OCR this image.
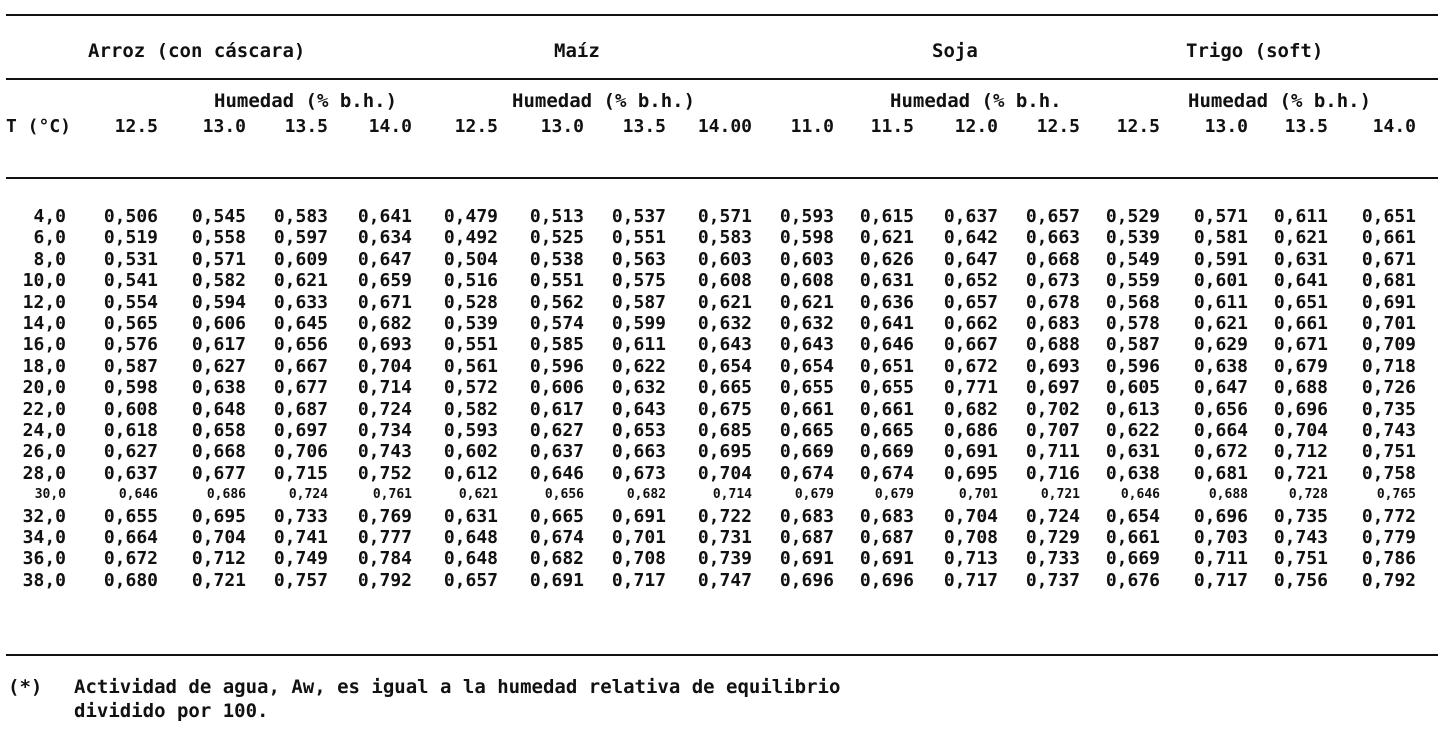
Arroz (con cáscara)	Maíz	Soja	Trigo (soft)
Humedad (% b.h.)	Humedad (% b.h.)	Humedad (% b.h.	Humedad (% b.h.)
T (°C)	12.5	13.0	13.5	14.0	12.5	13.0	13.5	14.00	11.0	11.5	12.0	12.5	12.5	13.0	13.5	14.0
4,0	0,506	0,545	0,583	0,641	0,479	0,513	0,537	0,571	0,593	0,615	0,637	0,657	0,529	0,571	0,611	0,651
6,0	0,519	0,558	0,597	0,634	0,492	0,525	0,551	0,583	0,598	0,621	0,642	0,663	0,539	0,581	0,621	0,661
8,0	0,531	0,571	0,609	0,647	0,504	0,538	0,563	0,603	0,603	0,626	0,647	0,668	0,549	0,591	0,631	0,671
10,0	0,541	0,582	0,621	0,659	0,516	0,551	0,575	0,608	0,608	0,631	0,652	0,673	0,559	0,601	0,641	0,681
12,0	0,554	0,594	0,633	0,671	0,528	0,562	0,587	0,621	0,621	0,636	0,657	0,678	0,568	0,611	0,651	0,691
14,0	0,565	0,606	0,645	0,682	0,539	0,574	0,599	0,632	0,632	0,641	0,662	0,683	0,578	0,621	0,661	0,701
16,0	0,576	0,617	0,656	0,693	0,551	0,585	0,611	0,643	0,643	0,646	0,667	0,688	0,587	0,629	0,671	0,709
18,0	0,587	0,627	0,667	0,704	0,561	0,596	0,622	0,654	0,654	0,651	0,672	0,693	0,596	0,638	0,679	0,718
20,0	0,598	0,638	0,677	0,714	0,572	0,606	0,632	0,665	0,655	0,655	0,771	0,697	0,605	0,647	0,688	0,726
22,0	0,608	0,648	0,687	0,724	0,582	0,617	0,643	0,675	0,661	0,661	0,682	0,702	0,613	0,656	0,696	0,735
24,0	0,618	0,658	0,697	0,734	0,593	0,627	0,653	0,685	0,665	0,665	0,686	0,707	0,622	0,664	0,704	0,743
26,0	0,627	0,668	0,706	0,743	0,602	0,637	0,663	0,695	0,669	0,669	0,691	0,711	0,631	0,672	0,712	0,751
28,0	0,637	0,677	0,715	0,752	0,612	0,646	0,673	0,704	0,674	0,674	0,695	0,716	0,638	0,681	0,721	0,758
30,0	0,646	0,686	0,724	0,761	0,621	0,656	0,682	0,714	0,679	0,679	0,701	0,721	0,646	0,688	0,728	0,765
32,0	0,655	0,695	0,733	0,769	0,631	0,665	0,691	0,722	0,683	0,683	0,704	0,724	0,654	0,696	0,735	0,772
34,0	0,664	0,704	0,741	0,777	0,648	0,674	0,701	0,731	0,687	0,687	0,708	0,729	0,661	0,703	0,743	0,779
36,0	0,672	0,712	0,749	0,784	0,648	0,682	0,708	0,739	0,691	0,691	0,713	0,733	0,669	0,711	0,751	0,786
38,0	0,680	0,721	0,757	0,792	0,657	0,691	0,717	0,747	0,696	0,696	0,717	0,737	0,676	0,717	0,756	0,792
(*) Actividad de agua, Aw, es igual a la humedad relativa de equilibrio
dividido por 100.
